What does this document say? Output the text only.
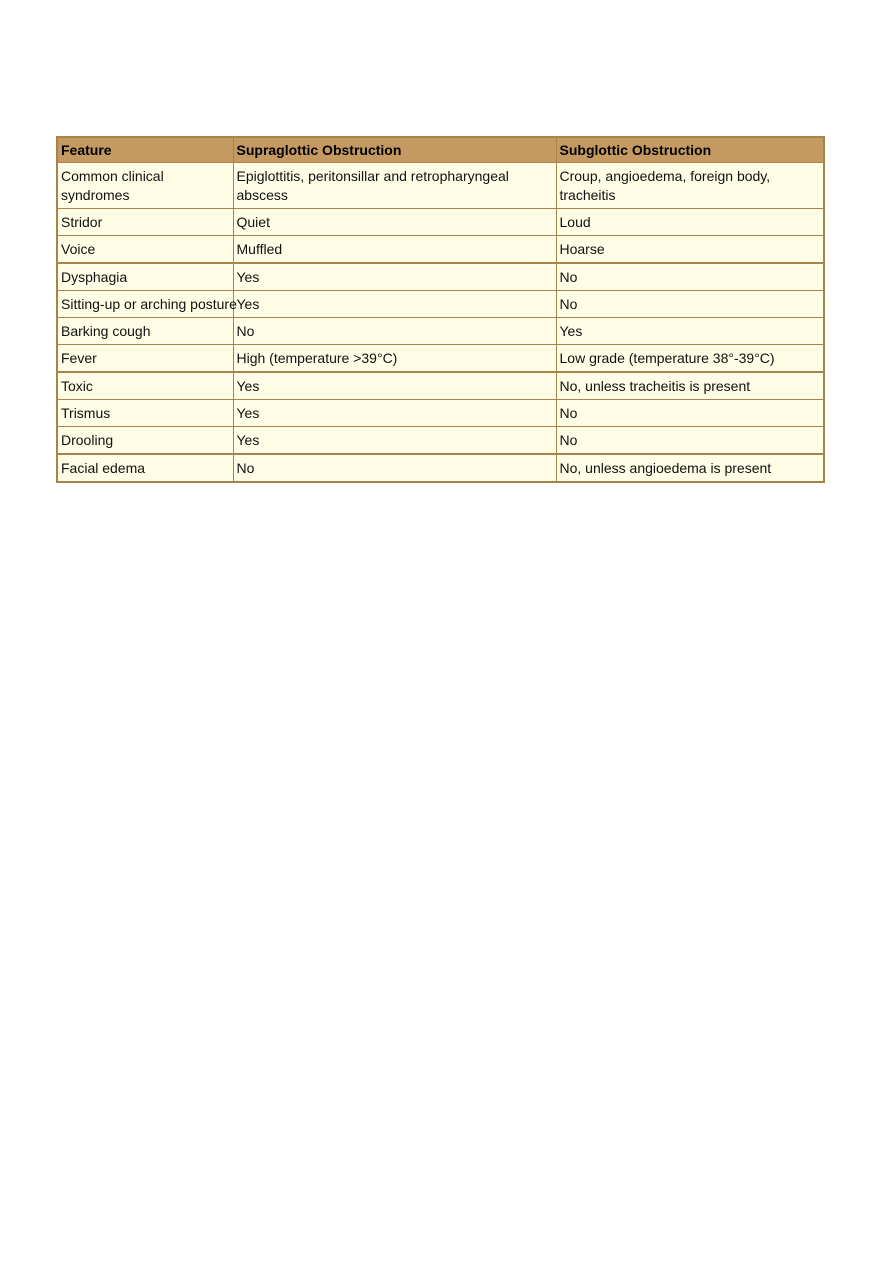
Feature	Supraglottic Obstruction	Subglottic Obstruction
Common clinical syndromes	Epiglottitis, peritonsillar and retropharyngeal abscess	Croup, angioedema, foreign body, tracheitis
Stridor	Quiet	Loud
Voice	Muffled	Hoarse
Dysphagia	Yes	No
Sitting-up or arching posture	Yes	No
Barking cough	No	Yes
Fever	High (temperature >39°C)	Low grade (temperature 38°-39°C)
Toxic	Yes	No, unless tracheitis is present
Trismus	Yes	No
Drooling	Yes	No
Facial edema	No	No, unless angioedema is present
